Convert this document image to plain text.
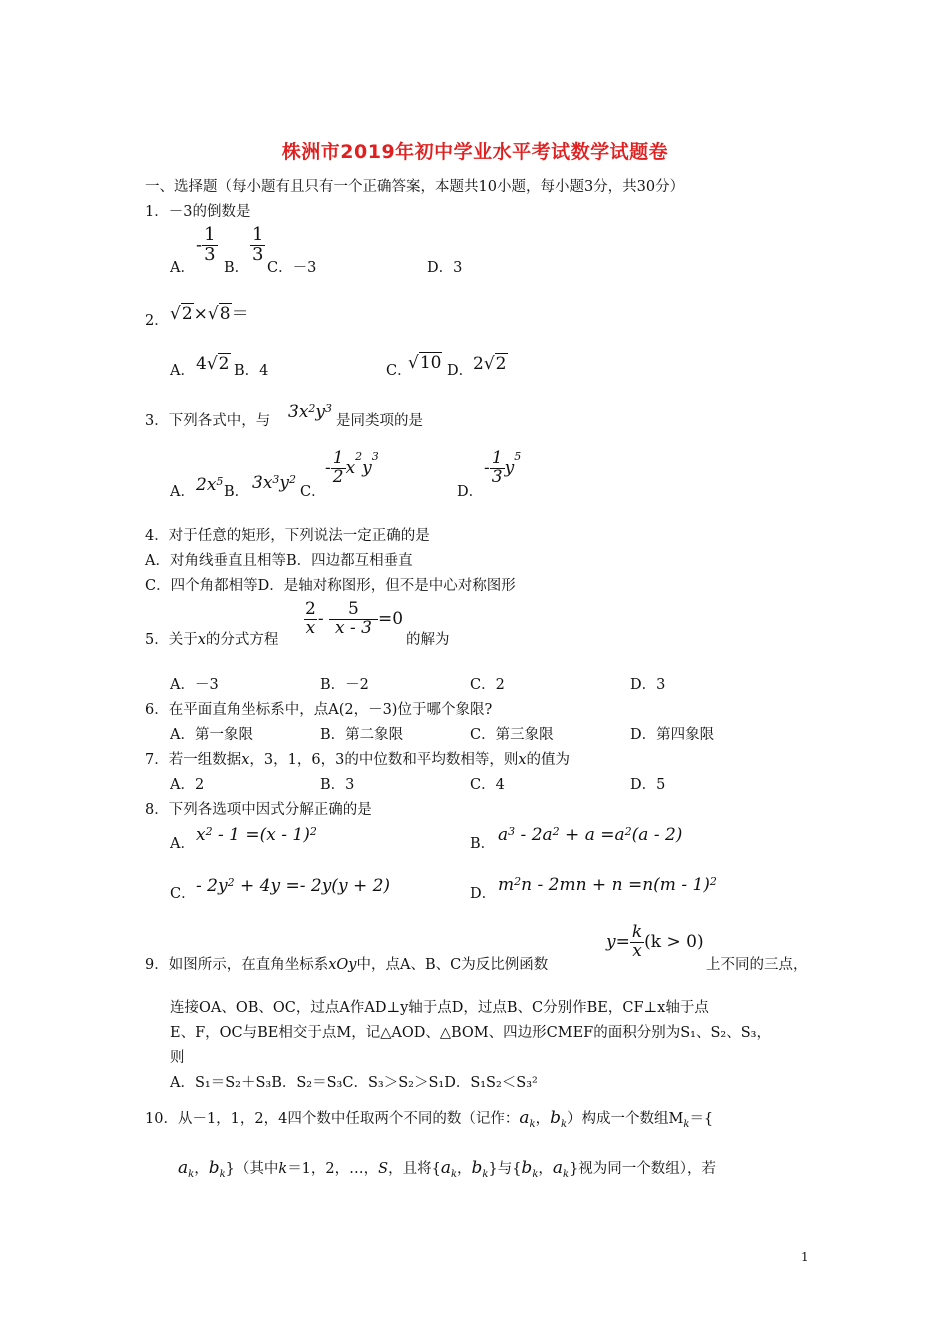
株洲市2019年初中学业水平考试数学试题卷
一、选择题（每小题有且只有一个正确答案，本题共10小题，每小题3分，共30分）
1．－3的倒数是
A．
- $\frac{1}{3}$
B．
$\frac{1}{3}$
C．－3	D．3
2． √2×√8＝
A． 4√2 B．4	C．
√10 D． 2√2
3．下列各式中，与 $3x^2y^3$
是同类项的是
A． $2x^5$
B． $3x^3y^2$
C．
- $\frac{1}{2} x^2y^3$
D．
- $\frac{1}{3} y^5$
4．对于任意的矩形，下列说法一定正确的是
A．对角线垂直且相等B．四边都互相垂直
C．四个角都相等D．是轴对称图形，但不是中心对称图形
5．关于x的分式方程
$\frac{2}{x} - \frac{5}{x - 3} =0$
的解为
A．－3	B．－2	C．2	D．3
6．在平面直角坐标系中，点A(2，－3)位于哪个象限?
A．第一象限	B．第二象限	C．第三象限	D．第四象限
7．若一组数据x，3，1，6，3的中位数和平均数相等，则x的值为
A．2	B．3	C．4	D．5
8．下列各选项中因式分解正确的是
A． $x^2 - 1 =(x - 1)^2$
B． $a^3 - 2a^2 + a =a^2(a - 2)$
C． - $2y^2 + 4y =- 2y(y + 2)$	D． $m^2n - 2mn + n =n(m - 1)^2$
9．如图所示，在直角坐标系xOy中，点A、B、C为反比例函数
$y= \frac{k}{x} (k > 0)$
上不同的三点，
连接OA、OB、OC，过点A作AD⊥y轴于点D，过点B、C分别作BE，CF⊥x轴于点
E、F，OC与BE相交于点M，记△AOD、△BOM、四边形CMEF的面积分别为S₁、S₂、S₃，
则
A．S₁＝S₂＋S₃B．S₂＝S₃C．S₃＞S₂＞S₁D．S₁S₂＜S₃²
10．从－1，1，2，4四个数中任取两个不同的数（记作：$a_k$，$b_k$）构成一个数组$M_k=${
$a_k$，$b_k$}（其中k＝1，2，…，S，且将{$a_k$，$b_k$}与{$b_k$，$a_k$}视为同一个数组），若
1
